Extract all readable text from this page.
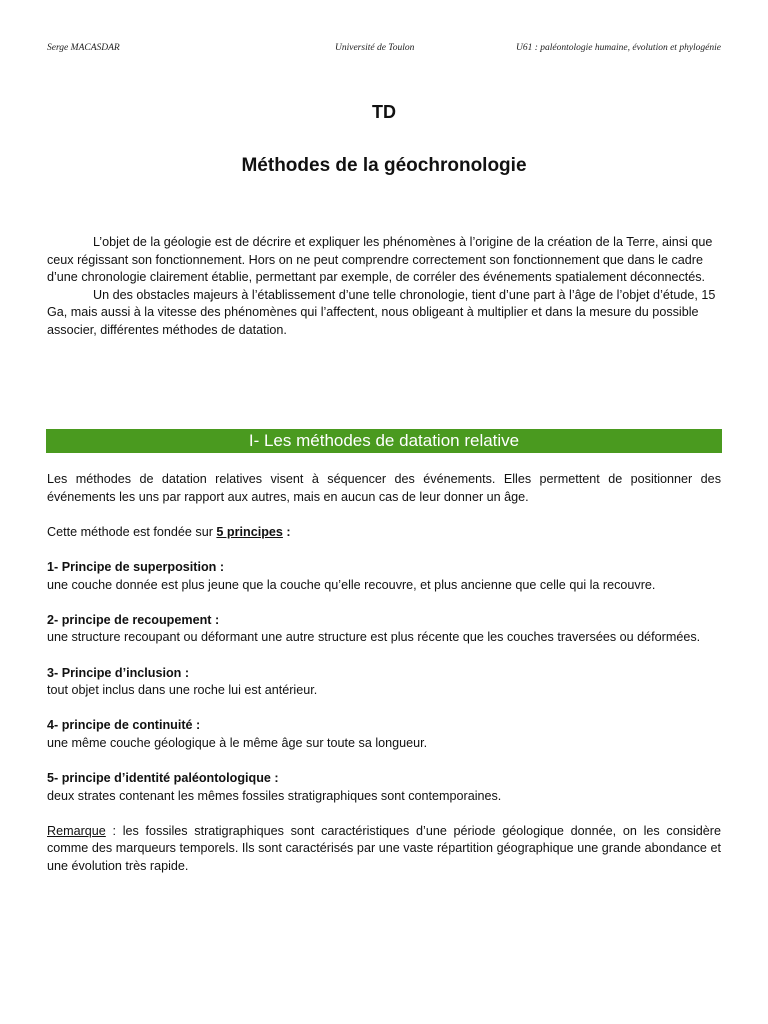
Serge MACASDAR	Université de Toulon	U61 : paléontologie humaine, évolution et phylogénie
TD
Méthodes de la géochronologie

L’objet de la géologie est de décrire et expliquer les phénomènes à l’origine de la création de la Terre, ainsi que ceux régissant son fonctionnement. Hors on ne peut comprendre correctement son fonctionnement que dans le cadre d’une chronologie clairement établie, permettant par exemple, de corréler des événements spatialement déconnectés.

Un des obstacles majeurs à l’établissement d’une telle chronologie, tient d’une part à l’âge de l’objet d’étude, 15 Ga, mais aussi à la vitesse des phénomènes qui l’affectent, nous obligeant à multiplier et dans la mesure du possible associer, différentes méthodes de datation.

I- Les méthodes de datation relative

Les méthodes de datation relatives visent à séquencer des événements. Elles permettent de positionner des événements les uns par rapport aux autres, mais en aucun cas de leur donner un âge.

Cette méthode est fondée sur 5 principes :

1- Principe de superposition :

une couche donnée est plus jeune que la couche qu’elle recouvre, et plus ancienne que celle qui la recouvre.

2- principe de recoupement :

une structure recoupant ou déformant une autre structure est plus récente que les couches traversées ou déformées.

3- Principe d’inclusion :

tout objet inclus dans une roche lui est antérieur.

4- principe de continuité :

une même couche géologique à le même âge sur toute sa longueur.

5- principe d’identité paléontologique :

deux strates contenant les mêmes fossiles stratigraphiques sont contemporaines.

Remarque : les fossiles stratigraphiques sont caractéristiques d’une période géologique donnée, on les considère comme des marqueurs temporels. Ils sont caractérisés par une vaste répartition géographique une grande abondance et une évolution très rapide.
